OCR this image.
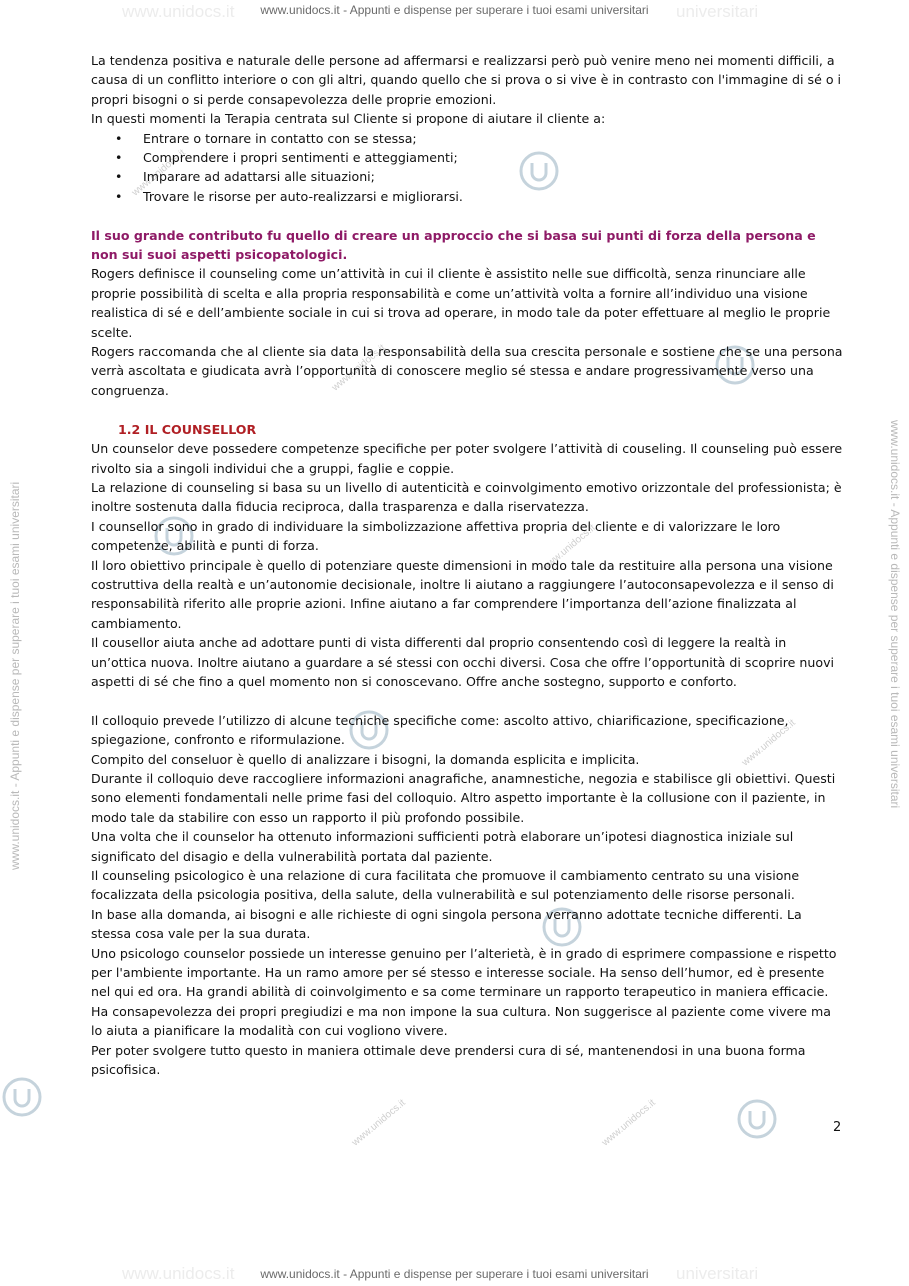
www.unidocs.it	universitari
www.unidocs.it	universitari
www.unidocs.it - Appunti e dispense per superare i tuoi esami universitari
www.unidocs.it - Appunti e dispense per superare i tuoi esami universitari
www.unidocs.it - Appunti e dispense per superare i tuoi esami universitari	www.unidocs.it - Appunti e dispense per superare i tuoi esami universitari
www.unidocs.it
www.unidocs.it
www.unidocs.it
www.unidocs.it
www.unidocs.it	www.unidocs.it

La tendenza positiva e naturale delle persone ad affermarsi e realizzarsi però può venire meno nei momenti difficili, a causa di un conflitto interiore o con gli altri, quando quello che si prova o si vive è in contrasto con l'immagine di sé o i propri bisogni o si perde consapevolezza delle proprie emozioni.

In questi momenti la Terapia centrata sul Cliente si propone di aiutare il cliente a:

• Entrare o tornare in contatto con se stessa;
• Comprendere i propri sentimenti e atteggiamenti;
• Imparare ad adattarsi alle situazioni;
• Trovare le risorse per auto-realizzarsi e migliorarsi.

Il suo grande contributo fu quello di creare un approccio che si basa sui punti di forza della persona e non sui suoi aspetti psicopatologici.

Rogers definisce il counseling come un’attività in cui il cliente è assistito nelle sue difficoltà, senza rinunciare alle proprie possibilità di scelta e alla propria responsabilità e come un’attività volta a fornire all’individuo una visione realistica di sé e dell’ambiente sociale in cui si trova ad operare, in modo tale da poter effettuare al meglio le proprie scelte.

Rogers raccomanda che al cliente sia data la responsabilità della sua crescita personale e sostiene che se una persona verrà ascoltata e giudicata avrà l’opportunità di conoscere meglio sé stessa e andare progressivamente verso una congruenza.

1.2 IL COUNSELLOR

Un counselor deve possedere competenze specifiche per poter svolgere l’attività di couseling. Il counseling può essere rivolto sia a singoli individui che a gruppi, faglie e coppie.

La relazione di counseling si basa su un livello di autenticità e coinvolgimento emotivo orizzontale del professionista; è inoltre sostenuta dalla fiducia reciproca, dalla trasparenza e dalla riservatezza.

I counsellor sono in grado di individuare la simbolizzazione affettiva propria del cliente e di valorizzare le loro competenze, abilità e punti di forza.

Il loro obiettivo principale è quello di potenziare queste dimensioni in modo tale da restituire alla persona una visione costruttiva della realtà e un’autonomie decisionale, inoltre li aiutano a raggiungere l’autoconsapevolezza e il senso di responsabilità riferito alle proprie azioni. Infine aiutano a far comprendere l’importanza dell’azione finalizzata al cambiamento.

Il cousellor aiuta anche ad adottare punti di vista differenti dal proprio consentendo così di leggere la realtà in un’ottica nuova. Inoltre aiutano a guardare a sé stessi con occhi diversi. Cosa che offre l’opportunità di scoprire nuovi aspetti di sé che fino a quel momento non si conoscevano. Offre anche sostegno, supporto e conforto.

Il colloquio prevede l’utilizzo di alcune tecniche specifiche come: ascolto attivo, chiarificazione, specificazione, spiegazione, confronto e riformulazione.

Compito del conseluor è quello di analizzare i bisogni, la domanda esplicita e implicita.

Durante il colloquio deve raccogliere informazioni anagrafiche, anamnestiche, negozia e stabilisce gli obiettivi. Questi sono elementi fondamentali nelle prime fasi del colloquio. Altro aspetto importante è la collusione con il paziente, in modo tale da stabilire con esso un rapporto il più profondo possibile.

Una volta che il counselor ha ottenuto informazioni sufficienti potrà elaborare un’ipotesi diagnostica iniziale sul significato del disagio e della vulnerabilità portata dal paziente.

Il counseling psicologico è una relazione di cura facilitata che promuove il cambiamento centrato su una visione focalizzata della psicologia positiva, della salute, della vulnerabilità e sul potenziamento delle risorse personali.

In base alla domanda, ai bisogni e alle richieste di ogni singola persona verranno adottate tecniche differenti. La stessa cosa vale per la sua durata.

Uno psicologo counselor possiede un interesse genuino per l’alterietà, è in grado di esprimere compassione e rispetto per l'ambiente importante. Ha un ramo amore per sé stesso e interesse sociale. Ha senso dell’humor, ed è presente nel qui ed ora. Ha grandi abilità di coinvolgimento e sa come terminare un rapporto terapeutico in maniera efficacie.

Ha consapevolezza dei propri pregiudizi e ma non impone la sua cultura. Non suggerisce al paziente come vivere ma lo aiuta a pianificare la modalità con cui vogliono vivere.

Per poter svolgere tutto questo in maniera ottimale deve prendersi cura di sé, mantenendosi in una buona forma psicofisica.

2
